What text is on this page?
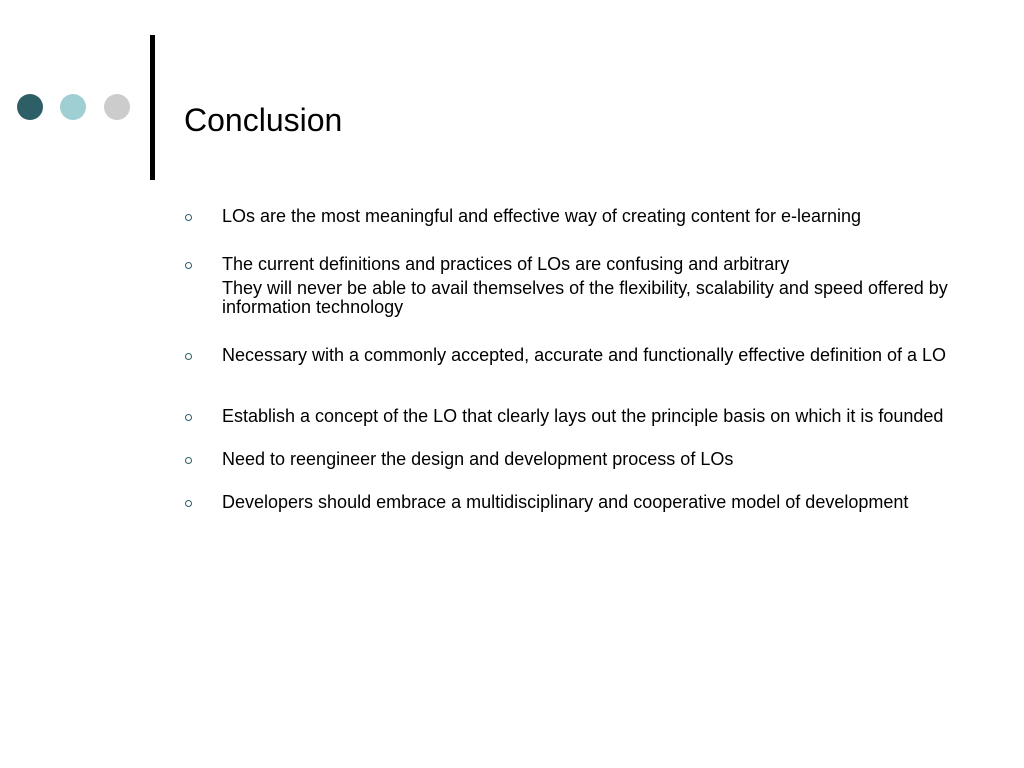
Conclusion
LOs are the most meaningful and effective way of creating content for e-learning
The current definitions and practices of LOs are confusing and arbitrary
They will never be able to avail themselves of the flexibility, scalability and speed offered by information technology
Necessary with a commonly accepted, accurate and functionally effective definition of a LO
Establish a concept of the LO that clearly lays out the principle basis on which it is founded
Need to reengineer the design and development process of LOs
Developers should embrace a multidisciplinary and cooperative model of development
